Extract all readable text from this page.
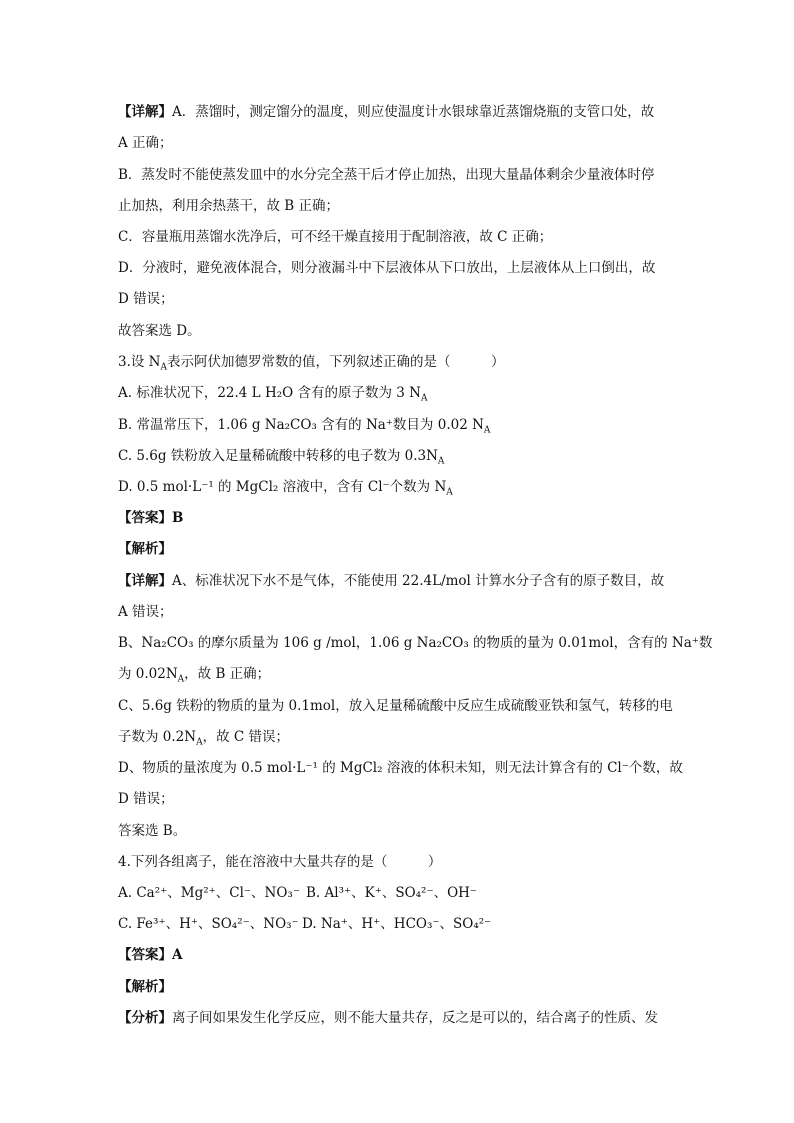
【详解】A．蒸馏时，测定馏分的温度，则应使温度计水银球靠近蒸馏烧瓶的支管口处，故
A 正确；
B．蒸发时不能使蒸发皿中的水分完全蒸干后才停止加热，出现大量晶体剩余少量液体时停
止加热，利用余热蒸干，故 B 正确；
C．容量瓶用蒸馏水洗净后，可不经干燥直接用于配制溶液，故 C 正确；
D．分液时，避免液体混合，则分液漏斗中下层液体从下口放出，上层液体从上口倒出，故
D 错误；
故答案选 D。
3.设 $N_A$表示阿伏加德罗常数的值，下列叙述正确的是（　　　）
A. 标准状况下，22.4 L H₂O 含有的原子数为 3 $N_A$
B. 常温常压下，1.06 g Na₂CO₃ 含有的 Na⁺数目为 0.02 $N_A$
C. 5.6g 铁粉放入足量稀硫酸中转移的电子数为 $0.3N_A$
D. 0.5 mol·L⁻¹ 的 MgCl₂ 溶液中，含有 Cl⁻个数为 $N_A$
【答案】B
【解析】
【详解】A、标准状况下水不是气体，不能使用 22.4L/mol 计算水分子含有的原子数目，故
A 错误；
B、Na₂CO₃ 的摩尔质量为 106 g /mol，1.06 g Na₂CO₃ 的物质的量为 0.01mol，含有的 Na⁺数
为 $0.02N_A$，故 B 正确；
C、5.6g 铁粉的物质的量为 0.1mol，放入足量稀硫酸中反应生成硫酸亚铁和氢气，转移的电
子数为 $0.2N_A$，故 C 错误；
D、物质的量浓度为 0.5 mol·L⁻¹ 的 MgCl₂ 溶液的体积未知，则无法计算含有的 Cl⁻个数，故
D 错误；
答案选 B。
4.下列各组离子，能在溶液中大量共存的是（　　　）
A. Ca²⁺、Mg²⁺、Cl⁻、NO₃⁻ B. Al³⁺、K⁺、SO₄²⁻、OH⁻
C. Fe³⁺、H⁺、SO₄²⁻、NO₃⁻ D. Na⁺、H⁺、HCO₃⁻、SO₄²⁻
【答案】A
【解析】
【分析】离子间如果发生化学反应，则不能大量共存，反之是可以的，结合离子的性质、发
